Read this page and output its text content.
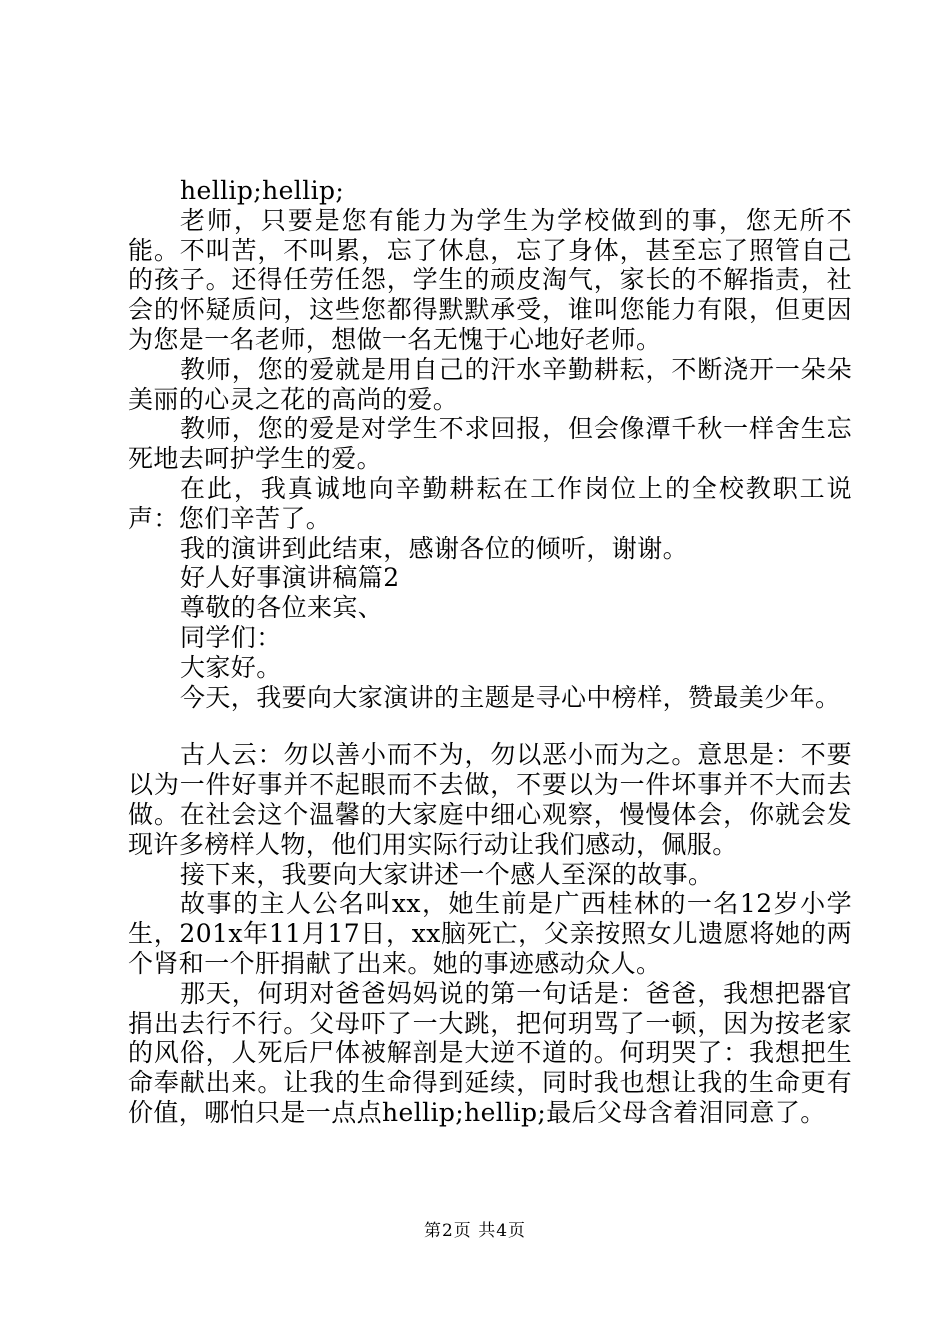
hellip;hellip;

老师，只要是您有能力为学生为学校做到的事，您无所不能。不叫苦，不叫累，忘了休息，忘了身体，甚至忘了照管自己的孩子。还得任劳任怨，学生的顽皮淘气，家长的不解指责，社会的怀疑质问，这些您都得默默承受，谁叫您能力有限，但更因为您是一名老师，想做一名无愧于心地好老师。

教师，您的爱就是用自己的汗水辛勤耕耘，不断浇开一朵朵美丽的心灵之花的高尚的爱。

教师，您的爱是对学生不求回报，但会像潭千秋一样舍生忘死地去呵护学生的爱。

在此，我真诚地向辛勤耕耘在工作岗位上的全校教职工说声：您们辛苦了。

我的演讲到此结束，感谢各位的倾听，谢谢。

好人好事演讲稿篇2

尊敬的各位来宾、

同学们：

大家好。

今天，我要向大家演讲的主题是寻心中榜样，赞最美少年。

古人云：勿以善小而不为，勿以恶小而为之。意思是：不要以为一件好事并不起眼而不去做，不要以为一件坏事并不大而去做。在社会这个温馨的大家庭中细心观察，慢慢体会，你就会发现许多榜样人物，他们用实际行动让我们感动，佩服。

接下来，我要向大家讲述一个感人至深的故事。

故事的主人公名叫xx，她生前是广西桂林的一名12岁小学生，201x年11月17日，xx脑死亡，父亲按照女儿遗愿将她的两个肾和一个肝捐献了出来。她的事迹感动众人。

那天，何玥对爸爸妈妈说的第一句话是：爸爸，我想把器官捐出去行不行。父母吓了一大跳，把何玥骂了一顿，因为按老家的风俗，人死后尸体被解剖是大逆不道的。何玥哭了：我想把生命奉献出来。让我的生命得到延续，同时我也想让我的生命更有价值，哪怕只是一点点hellip;hellip;最后父母含着泪同意了。

第2页 共4页
